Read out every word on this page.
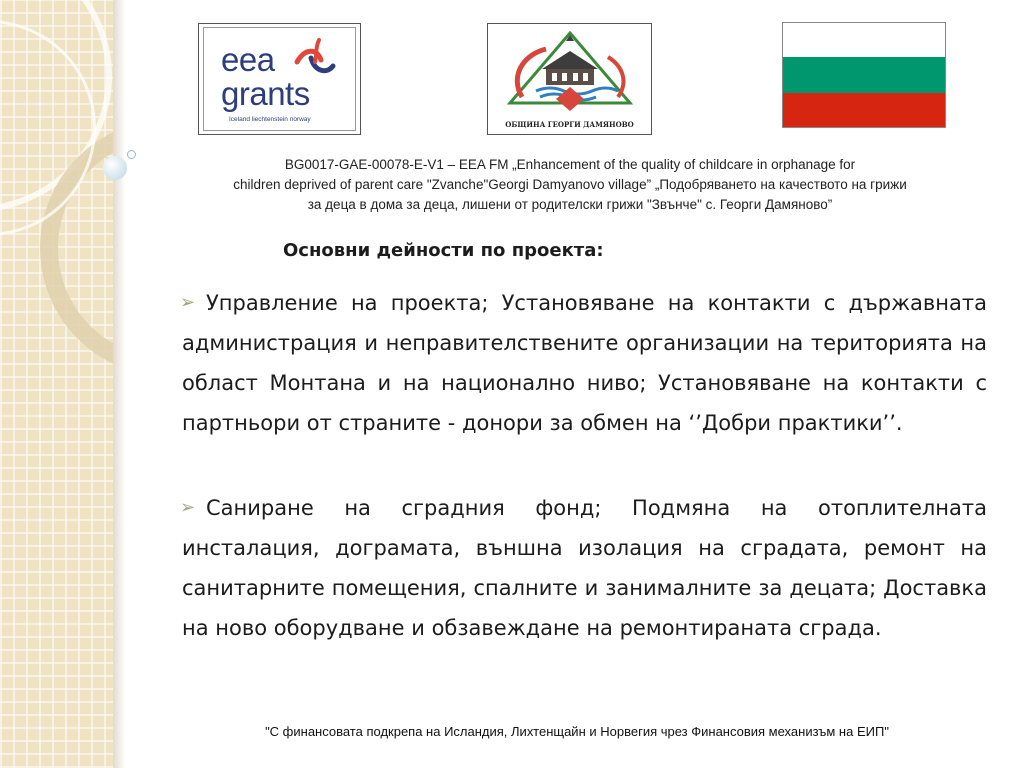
eea
grants
Iceland liechtenstein norway
ОБЩИНА ГЕОРГИ ДАМЯНОВО
BG0017-GAE-00078-E-V1 – EEA FM „Enhancement of the quality of childcare in orphanage for
children deprived of parent care "Zvanche"Georgi Damyanovo village” „Подобряването на качеството на грижи
за деца в дома за деца, лишени от родителски грижи "Звънче" с. Георги Дамяново”
Основни дейности по проекта:
➢ Управление на проекта; Установяване на контакти с държавната администрация и неправителствените организации на територията на област Монтана и на национално ниво; Установяване на контакти с партньори от страните - донори за обмен на ‘’Добри практики’’.
➢ Саниране на сградния фонд; Подмяна на отоплителната инсталация, дограмата, външна изолация на сградата, ремонт на санитарните помещения, спалните и занималните за децата; Доставка на ново оборудване и обзавеждане на ремонтираната сграда.
"С финансовата подкрепа на Исландия, Лихтенщайн и Норвегия чрез Финансовия механизъм на ЕИП"
